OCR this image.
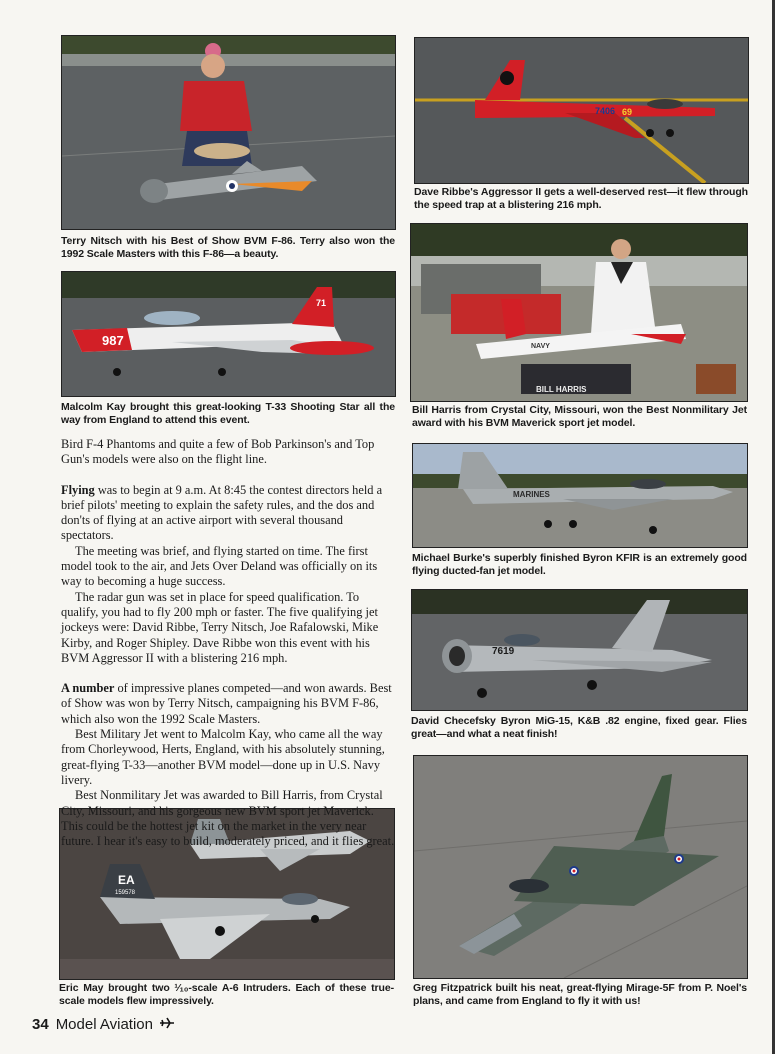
Terry Nitsch with his Best of Show BVM F-86. Terry also won the 1992 Scale Masters with this F-86—a beauty.
7406 69
Dave Ribbe's Aggressor II gets a well-deserved rest—it flew through the speed trap at a blistering 216 mph.
987
71
Malcolm Kay brought this great-looking T-33 Shooting Star all the way from England to attend this event.
NAVY
BILL HARRIS
Bill Harris from Crystal City, Missouri, won the Best Nonmilitary Jet award with his BVM Maverick sport jet model.
MARINES
Michael Burke's superbly finished Byron KFIR is an extremely good flying ducted-fan jet model.
7619
David Checefsky Byron MiG-15, K&B .82 engine, fixed gear. Flies great—and what a neat finish!
EA
159578
Eric May brought two ¹⁄₁₀-scale A-6 Intruders. Each of these true-scale models flew impressively.
Greg Fitzpatrick built his neat, great-flying Mirage-5F from P. Noel's plans, and came from England to fly it with us!

Bird F-4 Phantoms and quite a few of Bob Parkinson's and Top Gun's models were also on the flight line.

Flying was to begin at 9 a.m. At 8:45 the contest directors held a brief pilots' meeting to explain the safety rules, and the dos and don'ts of flying at an active airport with several thousand spectators.

The meeting was brief, and flying started on time. The first model took to the air, and Jets Over Deland was officially on its way to becoming a huge success.

The radar gun was set in place for speed qualification. To qualify, you had to fly 200 mph or faster. The five qualifying jet jockeys were: David Ribbe, Terry Nitsch, Joe Rafalowski, Mike Kirby, and Roger Shipley. Dave Ribbe won this event with his BVM Aggressor II with a blistering 216 mph.

A number of impressive planes competed—and won awards. Best of Show was won by Terry Nitsch, campaigning his BVM F-86, which also won the 1992 Scale Masters.

Best Military Jet went to Malcolm Kay, who came all the way from Chorleywood, Herts, England, with his absolutely stunning, great-flying T-33—another BVM model—done up in U.S. Navy livery.

Best Nonmilitary Jet was awarded to Bill Harris, from Crystal City, Missouri, and his gorgeous new BVM sport jet Maverick. This could be the hottest jet kit on the market in the very near future. I hear it's easy to build, moderately priced, and it flies great.

34 Model Aviation
